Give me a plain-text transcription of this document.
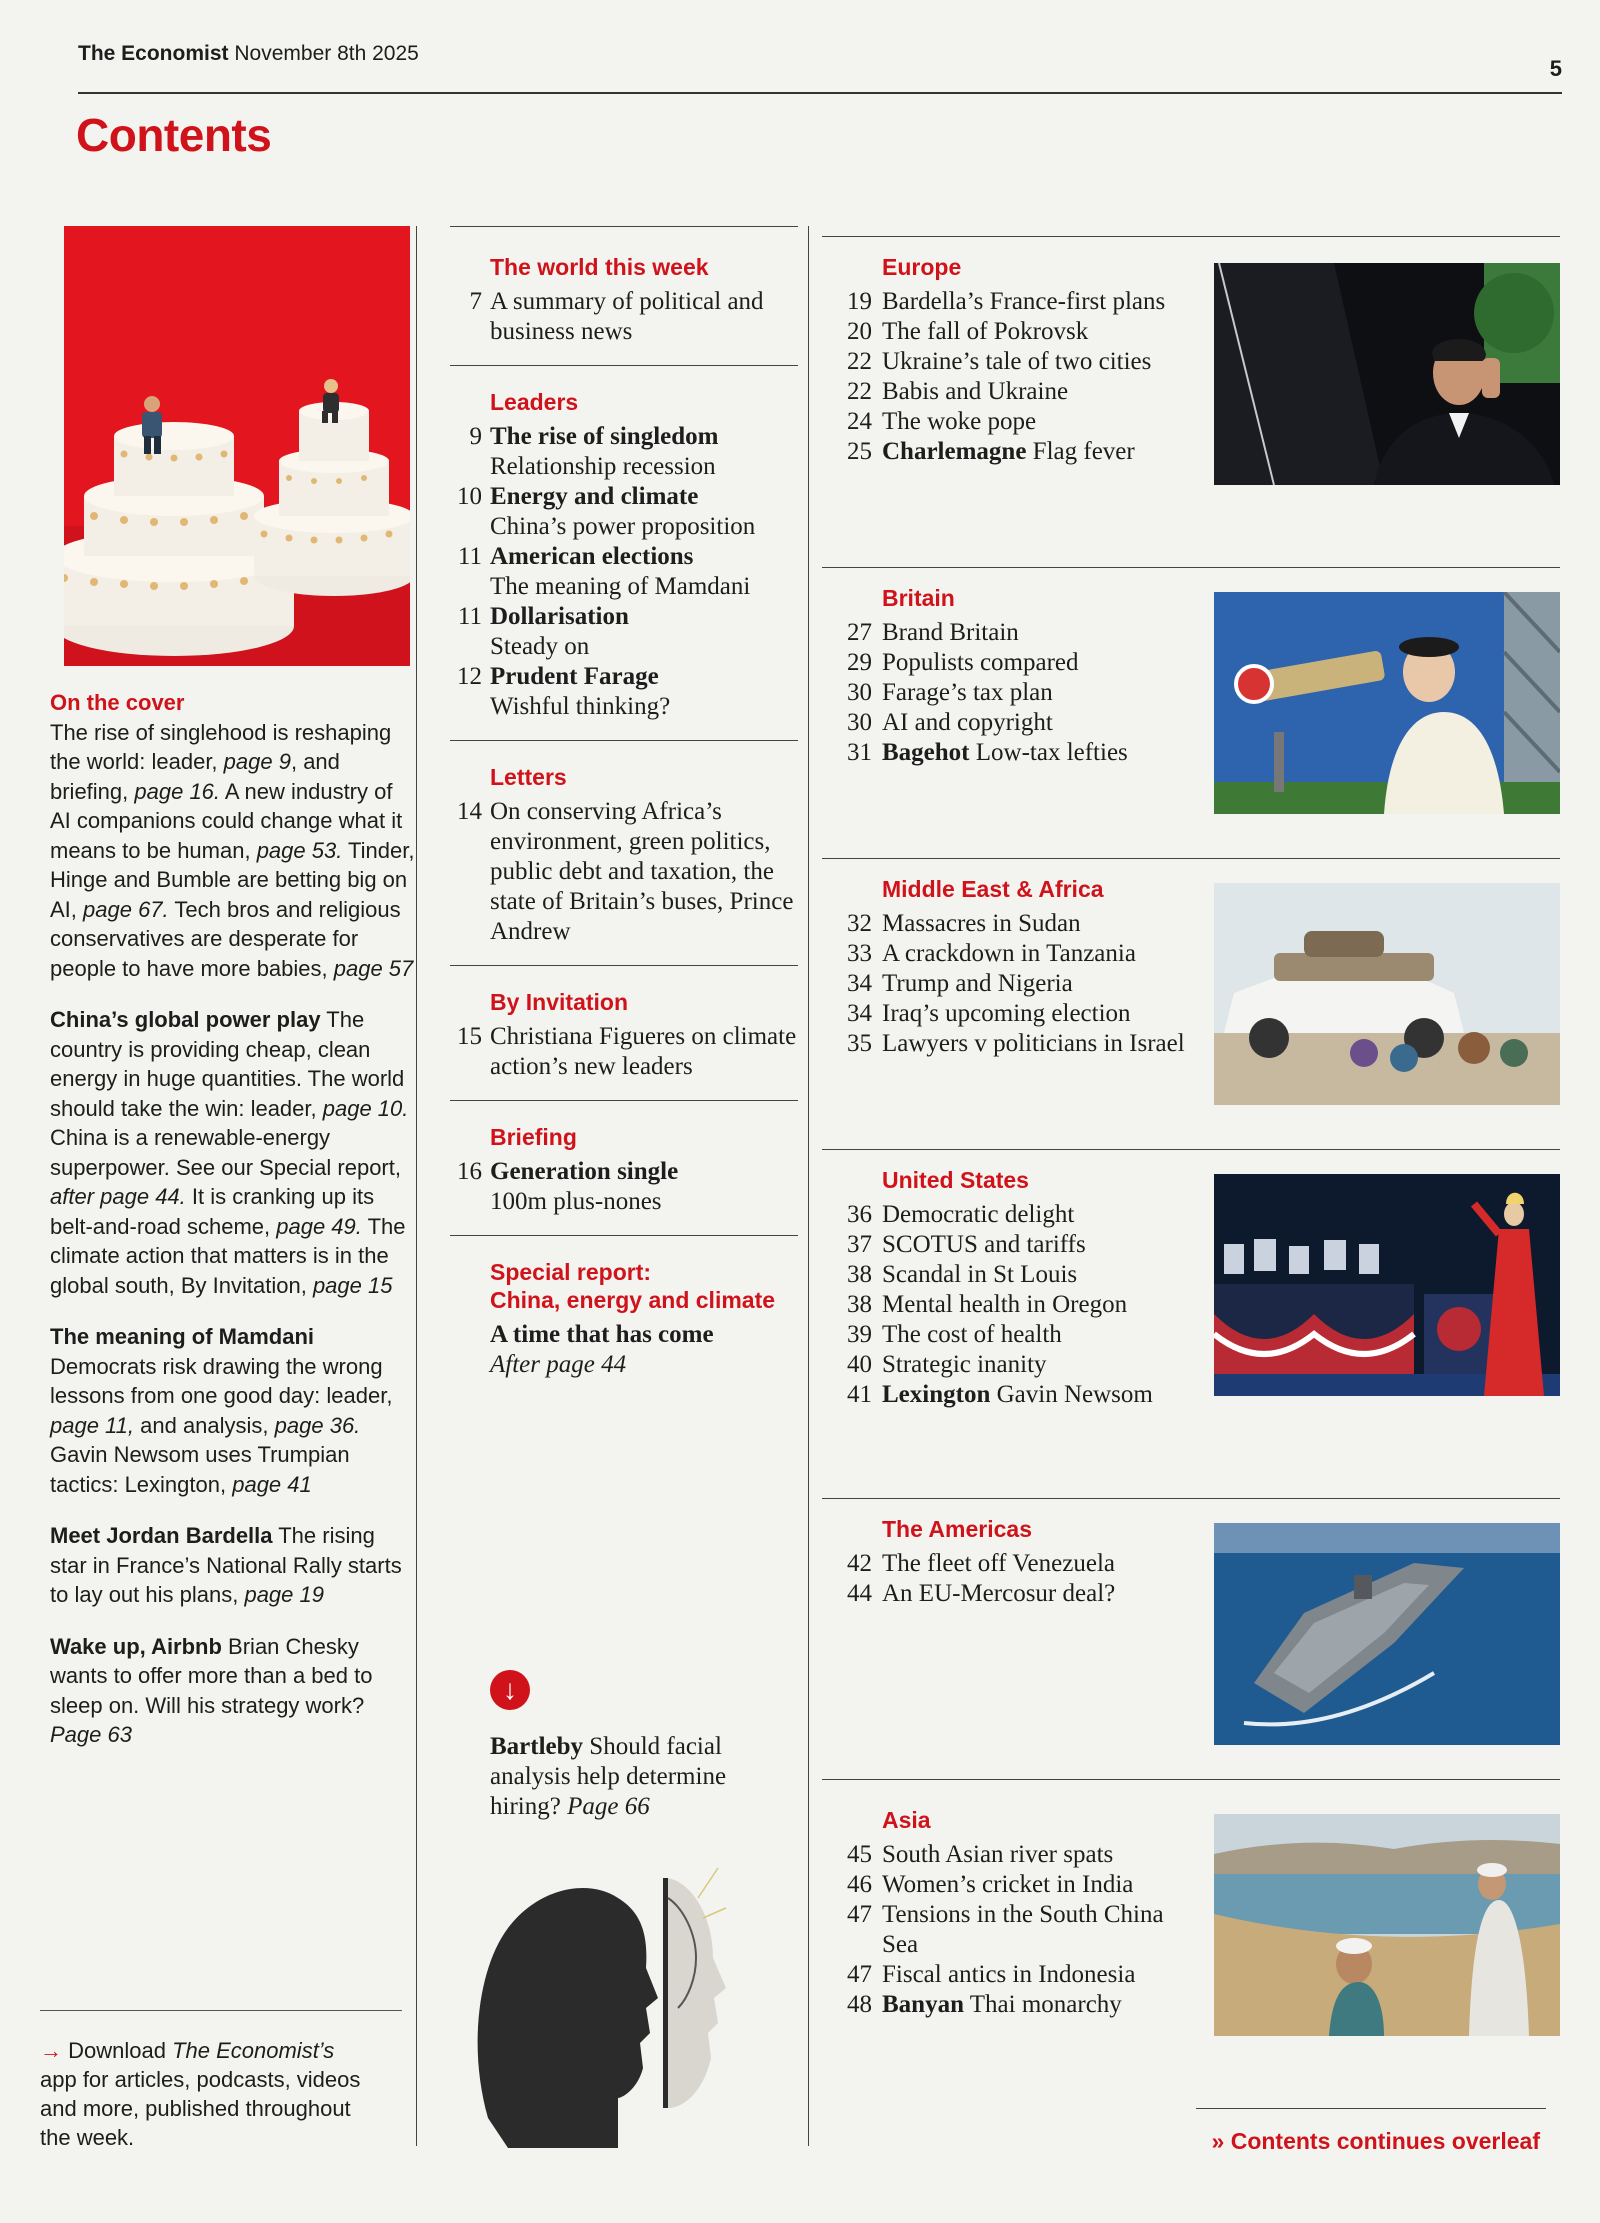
The Economist November 8th 2025
5
Contents

On the cover
The rise of singlehood is reshaping the world: leader, page 9, and briefing, page 16. A new industry of AI companions could change what it means to be human, page 53. Tinder, Hinge and Bumble are betting big on AI, page 67. Tech bros and religious conservatives are desperate for people to have more babies, page 57

China’s global power play The country is providing cheap, clean energy in huge quantities. The world should take the win: leader, page 10. China is a renewable-energy superpower. See our Special report, after page 44. It is cranking up its belt-and-road scheme, page 49. The climate action that matters is in the global south, By Invitation, page 15

The meaning of Mamdani Democrats risk drawing the wrong lessons from one good day: leader, page 11, and analysis, page 36. Gavin Newsom uses Trumpian tactics: Lexington, page 41

Meet Jordan Bardella The rising star in France’s National Rally starts to lay out his plans, page 19

Wake up, Airbnb Brian Chesky wants to offer more than a bed to sleep on. Will his strategy work? Page 63

→ Download The Economist’s app for articles, podcasts, videos and more, published throughout the week.
The world this week
7 A summary of political and business news
Leaders
9 The rise of singledom
Relationship recession
10 Energy and climate
China’s power proposition
11 American elections
The meaning of Mamdani
11 Dollarisation
Steady on
12 Prudent Farage
Wishful thinking?
Letters
14 On conserving Africa’s environment, green politics, public debt and taxation, the state of Britain’s buses, Prince Andrew
By Invitation
15 Christiana Figueres on climate action’s new leaders
Briefing
16 Generation single
100m plus-nones
Special report:
China, energy and climate
A time that has come
After page 44
↓
Bartleby Should facial analysis help determine hiring? Page 66
Europe
19 Bardella’s France-first plans
20 The fall of Pokrovsk
22 Ukraine’s tale of two cities
22 Babis and Ukraine
24 The woke pope
25 Charlemagne Flag fever
Britain
27 Brand Britain
29 Populists compared
30 Farage’s tax plan
30 AI and copyright
31 Bagehot Low-tax lefties
Middle East & Africa
32 Massacres in Sudan
33 A crackdown in Tanzania
34 Trump and Nigeria
34 Iraq’s upcoming election
35 Lawyers v politicians in Israel
United States
36 Democratic delight
37 SCOTUS and tariffs
38 Scandal in St Louis
38 Mental health in Oregon
39 The cost of health
40 Strategic inanity
41 Lexington Gavin Newsom
The Americas
42 The fleet off Venezuela
44 An EU-Mercosur deal?
Asia
45 South Asian river spats
46 Women’s cricket in India
47 Tensions in the South China Sea
47 Fiscal antics in Indonesia
48 Banyan Thai monarchy
» Contents continues overleaf
